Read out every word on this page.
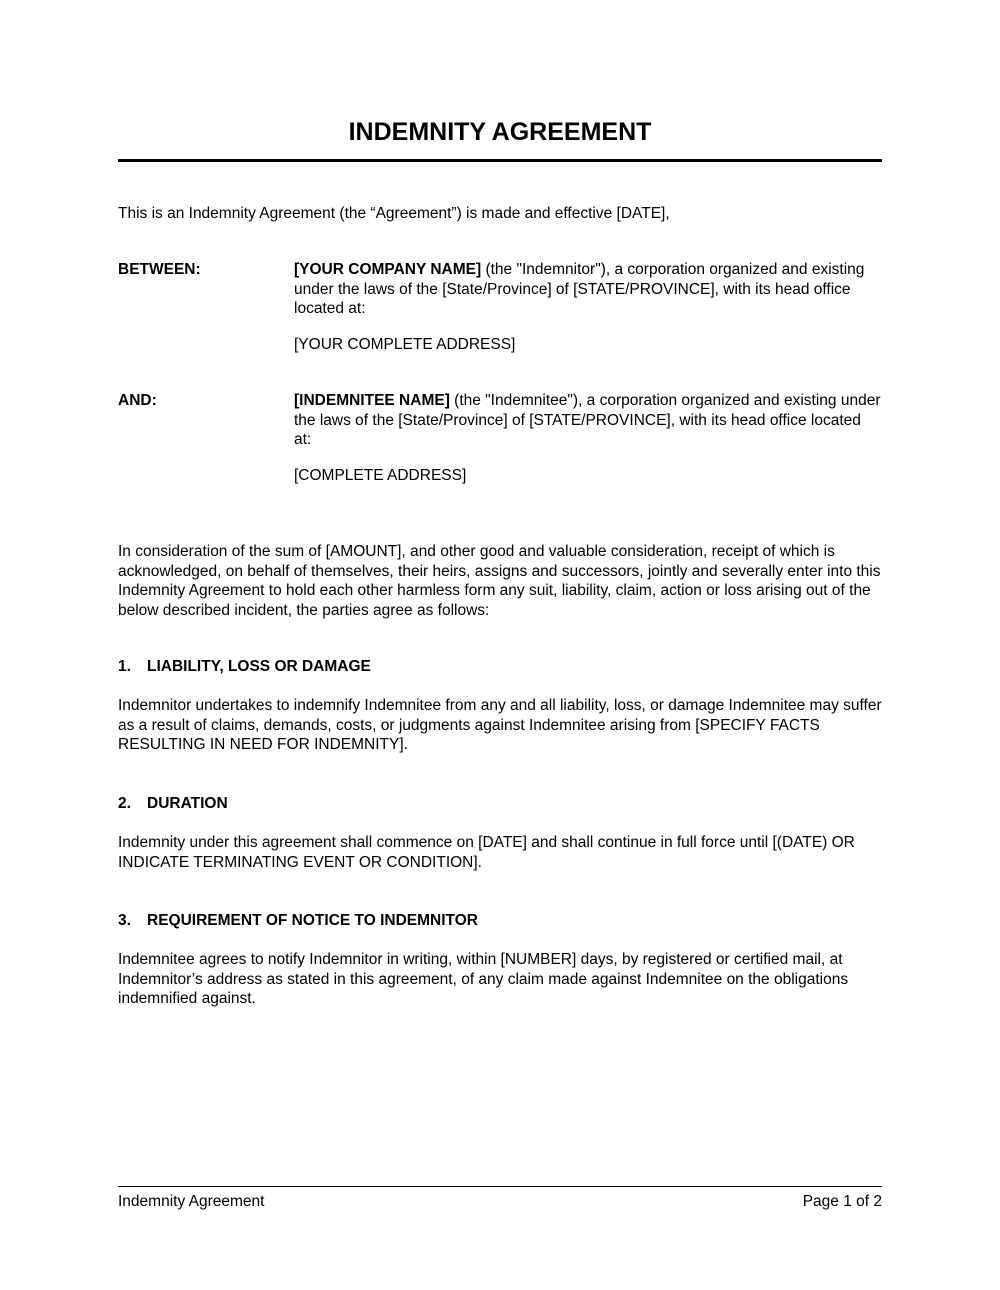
INDEMNITY AGREEMENT

This is an Indemnity Agreement (the “Agreement”) is made and effective [DATE],

BETWEEN:	[YOUR COMPANY NAME] (the "Indemnitor"), a corporation organized and existing under the laws of the [State/Province] of [STATE/PROVINCE], with its head office located at:

[YOUR COMPLETE ADDRESS]

AND:	[INDEMNITEE NAME] (the "Indemnitee"), a corporation organized and existing under the laws of the [State/Province] of [STATE/PROVINCE], with its head office located at:

[COMPLETE ADDRESS]

In consideration of the sum of [AMOUNT], and other good and valuable consideration, receipt of which is acknowledged, on behalf of themselves, their heirs, assigns and successors, jointly and severally enter into this Indemnity Agreement to hold each other harmless form any suit, liability, claim, action or loss arising out of the below described incident, the parties agree as follows:

1. LIABILITY, LOSS OR DAMAGE

Indemnitor undertakes to indemnify Indemnitee from any and all liability, loss, or damage Indemnitee may suffer as a result of claims, demands, costs, or judgments against Indemnitee arising from [SPECIFY FACTS RESULTING IN NEED FOR INDEMNITY].

2. DURATION

Indemnity under this agreement shall commence on [DATE] and shall continue in full force until [(DATE) OR INDICATE TERMINATING EVENT OR CONDITION].

3. REQUIREMENT OF NOTICE TO INDEMNITOR

Indemnitee agrees to notify Indemnitor in writing, within [NUMBER] days, by registered or certified mail, at Indemnitor’s address as stated in this agreement, of any claim made against Indemnitee on the obligations indemnified against.

Indemnity Agreement	Page 1 of 2
